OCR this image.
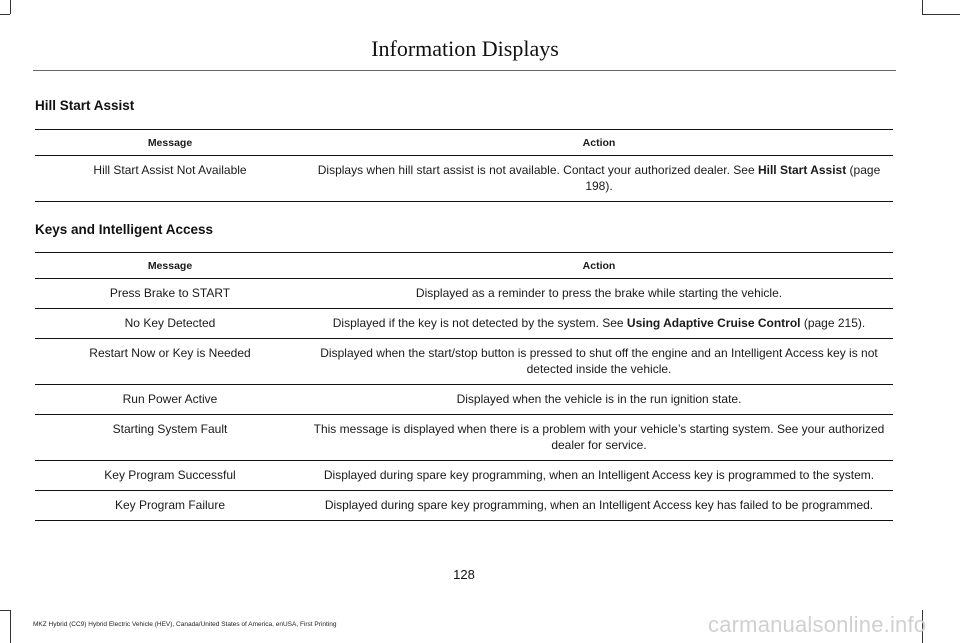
Information Displays
Hill Start Assist
Message	Action
Hill Start Assist Not Available	Displays when hill start assist is not available. Contact your authorized dealer. See Hill Start Assist (page 198).
Keys and Intelligent Access
Message	Action
Press Brake to START	Displayed as a reminder to press the brake while starting the vehicle.
No Key Detected	Displayed if the key is not detected by the system. See Using Adaptive Cruise Control (page 215).
Restart Now or Key is Needed	Displayed when the start/stop button is pressed to shut off the engine and an Intelligent Access key is not detected inside the vehicle.
Run Power Active	Displayed when the vehicle is in the run ignition state.
Starting System Fault	This message is displayed when there is a problem with your vehicle’s starting system. See your authorized dealer for service.
Key Program Successful	Displayed during spare key programming, when an Intelligent Access key is programmed to the system.
Key Program Failure	Displayed during spare key programming, when an Intelligent Access key has failed to be programmed.
128
MKZ Hybrid (CC9) Hybrid Electric Vehicle (HEV), Canada/United States of America, enUSA, First Printing	carmanualsonline.info
